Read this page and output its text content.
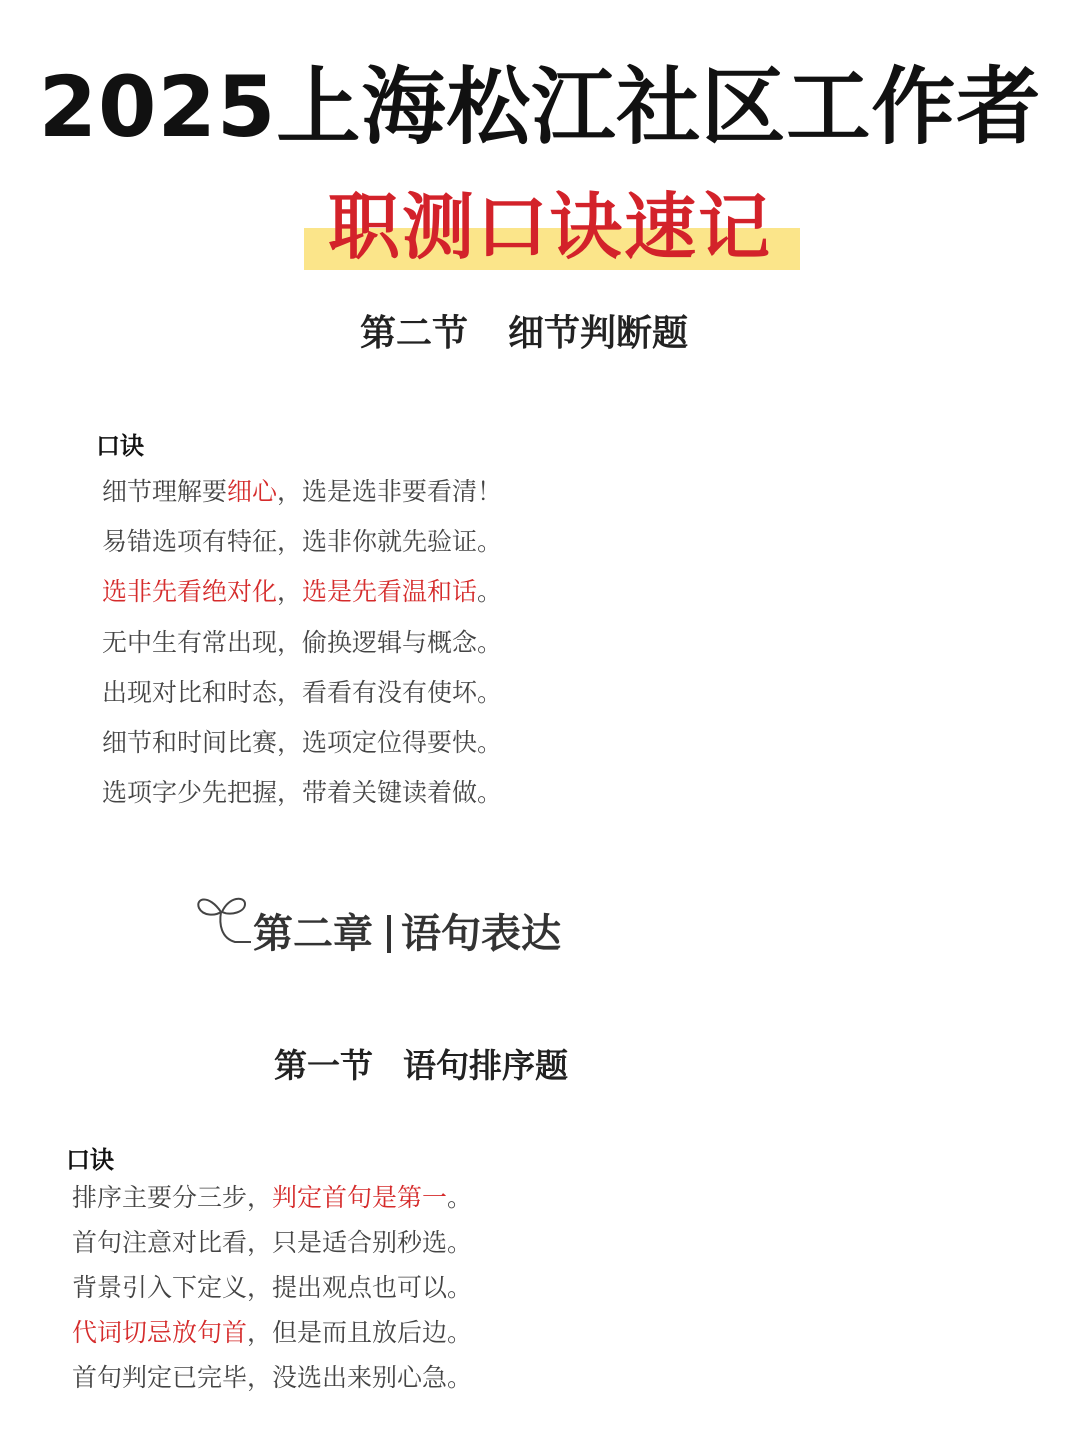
2025上海松江社区工作者
职测口诀速记
第二节 细节判断题
口诀
细节理解要细心，选是选非要看清！
易错选项有特征，选非你就先验证。
选非先看绝对化，选是先看温和话。
无中生有常出现，偷换逻辑与概念。
出现对比和时态，看看有没有使坏。
细节和时间比赛，选项定位得要快。
选项字少先把握，带着关键读着做。
第二章 语句表达
第一节 语句排序题
口诀
排序主要分三步，判定首句是第一。
首句注意对比看，只是适合别秒选。
背景引入下定义，提出观点也可以。
代词切忌放句首，但是而且放后边。
首句判定已完毕，没选出来别心急。
